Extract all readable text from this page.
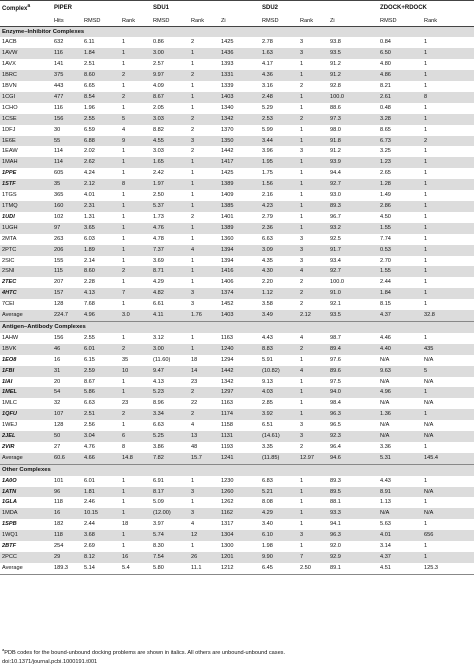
Complex$^a$	PIPER			SDU1			SDU2			ZDOCK+RDOCK	
	Hits	RMSD	Rank	RMSD	Rank	Zi	RMSD	Rank	Zi	RMSD	Rank
Enzyme–Inhibitor Complexes											
1ACB	632	6.11	1	0.86	2	1425	2.78	3	93.8	0.84	1
1AVW	116	1.84	1	3.00	1	1436	1.63	3	93.5	6.50	1
1AVX	141	2.51	1	2.57	1	1393	4.17	1	91.2	4.80	1
1BRC	375	8.60	2	9.97	2	1331	4.36	1	91.2	4.86	1
1BVN	443	6.65	1	4.09	1	1339	3.16	2	92.8	8.21	1
1CGI	477	8.54	2	8.67	1	1403	2.48	1	100.0	2.61	8
1CHO	116	1.96	1	2.05	1	1340	5.29	1	88.6	0.48	1
1CSE	156	2.55	5	3.03	2	1342	2.53	2	97.3	3.28	1
1DFJ	30	6.59	4	8.82	2	1370	5.99	1	98.0	8.65	1
1E6E	55	6.88	9	4.55	3	1350	3.44	1	91.8	6.73	2
1EAW	114	2.02	1	3.03	2	1442	3.96	3	91.2	3.25	1
1MAH	114	2.62	1	1.65	1	1417	1.95	1	93.9	1.23	1
1PPE	605	4.24	1	2.42	1	1425	1.75	1	94.4	2.65	1
1STF	35	2.12	8	1.97	1	1389	1.56	1	92.7	1.28	1
1TGS	365	4.01	1	2.50	1	1409	2.16	1	93.0	1.49	1
1TMQ	160	2.31	1	5.37	1	1385	4.23	1	89.3	2.86	1
1UDI	102	1.31	1	1.73	2	1401	2.79	1	96.7	4.50	1
1UGH	97	3.65	1	4.76	1	1389	2.36	1	93.2	1.55	1
2MTA	263	6.03	1	4.78	1	1360	6.63	3	92.5	7.74	1
2PTC	206	1.89	1	7.37	4	1394	3.09	3	91.7	0.53	1
2SIC	155	2.14	1	3.69	1	1394	4.35	3	93.4	2.70	1
2SNI	115	8.60	2	8.71	1	1416	4.30	4	92.7	1.55	1
2TEC	207	2.28	1	4.29	1	1406	2.20	2	100.0	2.44	1
4HTC	157	4.13	7	4.82	3	1374	1.12	2	91.0	1.84	1
7CEI	128	7.68	1	6.61	3	1452	3.58	2	92.1	8.15	1
Average	224.7	4.96	3.0	4.11	1.76	1403	3.49	2.12	93.5	4.37	32.8
Antigen–Antibody Complexes											
1AHW	156	2.55	1	3.12	1	1163	4.43	4	98.7	4.46	1
1BVK	46	6.01	2	3.00	1	1240	8.83	2	89.4	4.40	435
1EO8	16	6.15	35	(11.60)	18	1294	5.91	1	97.6	N/A	N/A
1FBI	31	2.59	10	9.47	14	1442	(10.82)	4	89.6	9.63	5
1IAI	20	8.67	1	4.13	23	1342	9.13	1	97.5	N/A	N/A
1MEL	54	5.86	1	5.23	2	1297	4.03	1	94.0	4.96	1
1MLC	32	6.63	23	8.96	22	1163	2.85	1	98.4	N/A	N/A
1QFU	107	2.51	2	3.34	2	1174	3.92	1	96.3	1.36	1
1WEJ	128	2.56	1	6.63	4	1158	6.51	3	96.5	N/A	N/A
2JEL	50	3.04	6	5.25	13	1131	(14.61)	3	92.3	N/A	N/A
2VIR	27	4.76	8	3.86	48	1193	3.35	2	96.4	3.36	1
Average	60.6	4.66	14.8	7.82	15.7	1241	(11.85)	12.97	94.6	5.31	145.4
Other Complexes											
1A0O	101	6.01	1	6.91	1	1230	6.83	1	89.3	4.43	1
1ATN	96	1.81	1	8.17	3	1260	5.21	1	89.5	8.91	N/A
1GLA	118	2.46	1	5.09	1	1262	8.08	1	88.1	1.13	1
1MDA	16	10.15	1	(12.00)	3	1162	4.29	1	93.3	N/A	N/A
1SPB	182	2.44	18	3.97	4	1317	3.40	1	94.1	5.63	1
1WQ1	118	3.68	1	5.74	12	1304	6.10	3	96.3	4.01	656
2BTF	254	2.69	1	8.30	1	1300	1.98	1	92.0	3.14	1
2PCC	29	8.12	16	7.54	26	1201	9.90	7	92.9	4.37	1
Average	189.3	5.14	5.4	5.80	11.1	1212	6.45	2.50	89.1	4.51	125.3
$^a$PDB codes for the bound-unbound docking problems are shown in italics. All others are unbound-unbound cases.
doi:10.1371/journal.pcbi.1000191.t001
